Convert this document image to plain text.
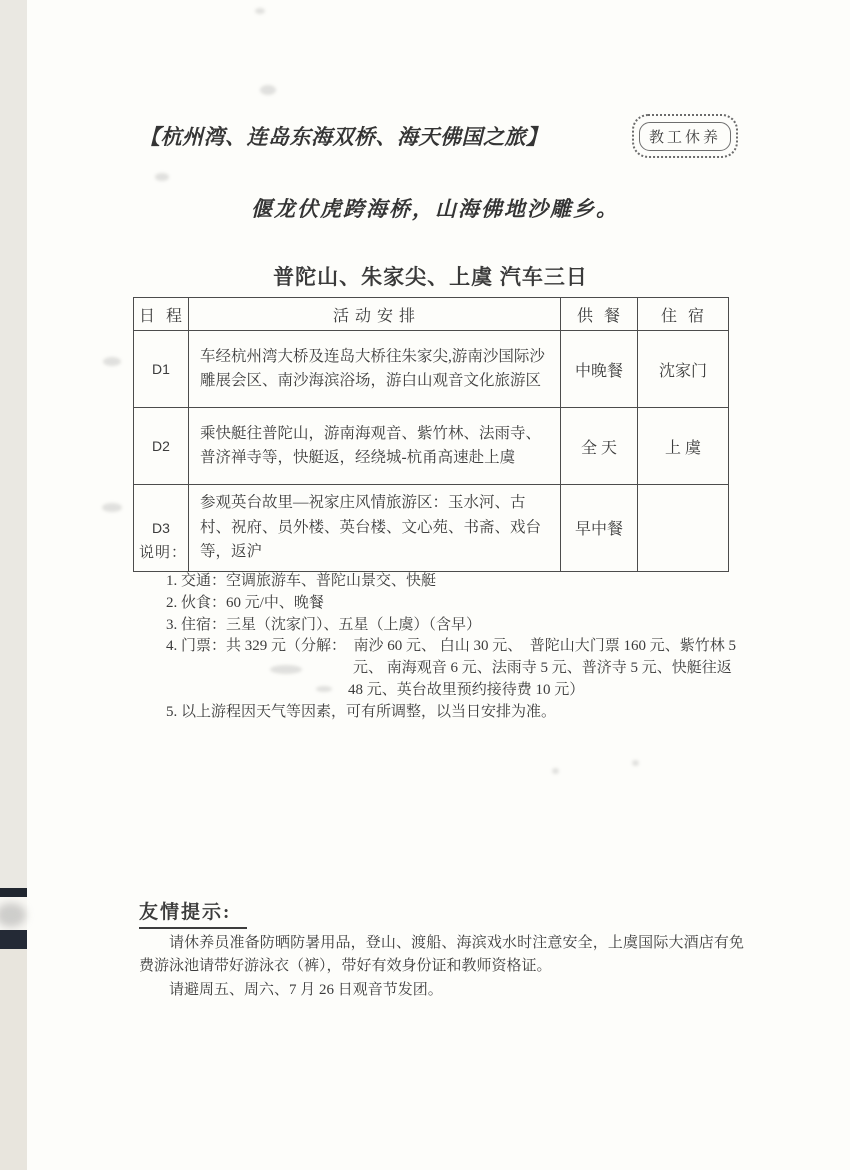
【杭州湾、连岛东海双桥、海天佛国之旅】	教工休养
偃龙伏虎跨海桥，山海佛地沙雕乡。
普陀山、朱家尖、上虞 汽车三日
日  程	活 动 安 排	供  餐	住  宿
D1	车经杭州湾大桥及连岛大桥往朱家尖,游南沙国际沙雕展会区、南沙海滨浴场，游白山观音文化旅游区	中晚餐	沈家门
D2	乘快艇往普陀山，游南海观音、紫竹林、法雨寺、普济禅寺等，快艇返，经绕城-杭甬高速赴上虞	全 天	上 虞
D3	参观英台故里—祝家庄风情旅游区：玉水河、古村、祝府、员外楼、英台楼、文心苑、书斋、戏台等，返沪	早中餐	
说明：
1. 交通：空调旅游车、普陀山景交、快艇
2. 伙食：60 元/中、晚餐
3. 住宿：三星（沈家门）、五星（上虞）（含早）
4. 门票：共 329 元（分解：  南沙 60 元、 白山 30 元、  普陀山大门票 160 元、紫竹林 5
元、 南海观音 6 元、法雨寺 5 元、普济寺 5 元、快艇往返
48 元、英台故里预约接待费 10 元）
5. 以上游程因天气等因素，可有所调整，以当日安排为准。
友情提示:

请休养员准备防晒防暑用品，登山、渡船、海滨戏水时注意安全，上虞国际大酒店有免费游泳池请带好游泳衣（裤），带好有效身份证和教师资格证。

请避周五、周六、7 月 26 日观音节发团。
